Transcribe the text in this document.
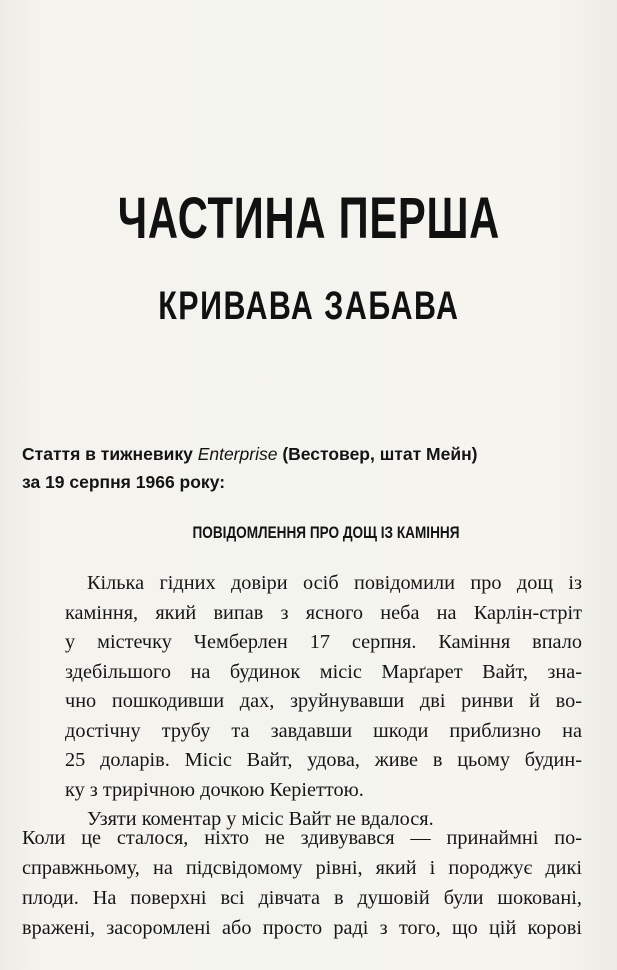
ЧАСТИНА ПЕРША
КРИВАВА ЗАБАВА
Стаття в тижневику Enterprise (Вестовер, штат Мейн)
за 19 серпня 1966 року:
ПОВІДОМЛЕННЯ ПРО ДОЩ ІЗ КАМІННЯ

Кілька гідних довіри осіб повідомили про дощ із
каміння, який випав з ясного неба на Карлін-стріт
у містечку Чемберлен 17 серпня. Каміння впало
здебільшого на будинок місіс Марґарет Вайт, зна-
чно пошкодивши дах, зруйнувавши дві ринви й во-
достічну трубу та завдавши шкоди приблизно на
25 доларів. Місіс Вайт, удова, живе в цьому будин-
ку з трирічною дочкою Керіеттою.

Узяти коментар у місіс Вайт не вдалося.

Коли це сталося, ніхто не здивувався — принаймні по-
справжньому, на підсвідомому рівні, який і породжує дикі
плоди. На поверхні всі дівчата в душовій були шоковані,
вражені, засоромлені або просто раді з того, що цій корові
